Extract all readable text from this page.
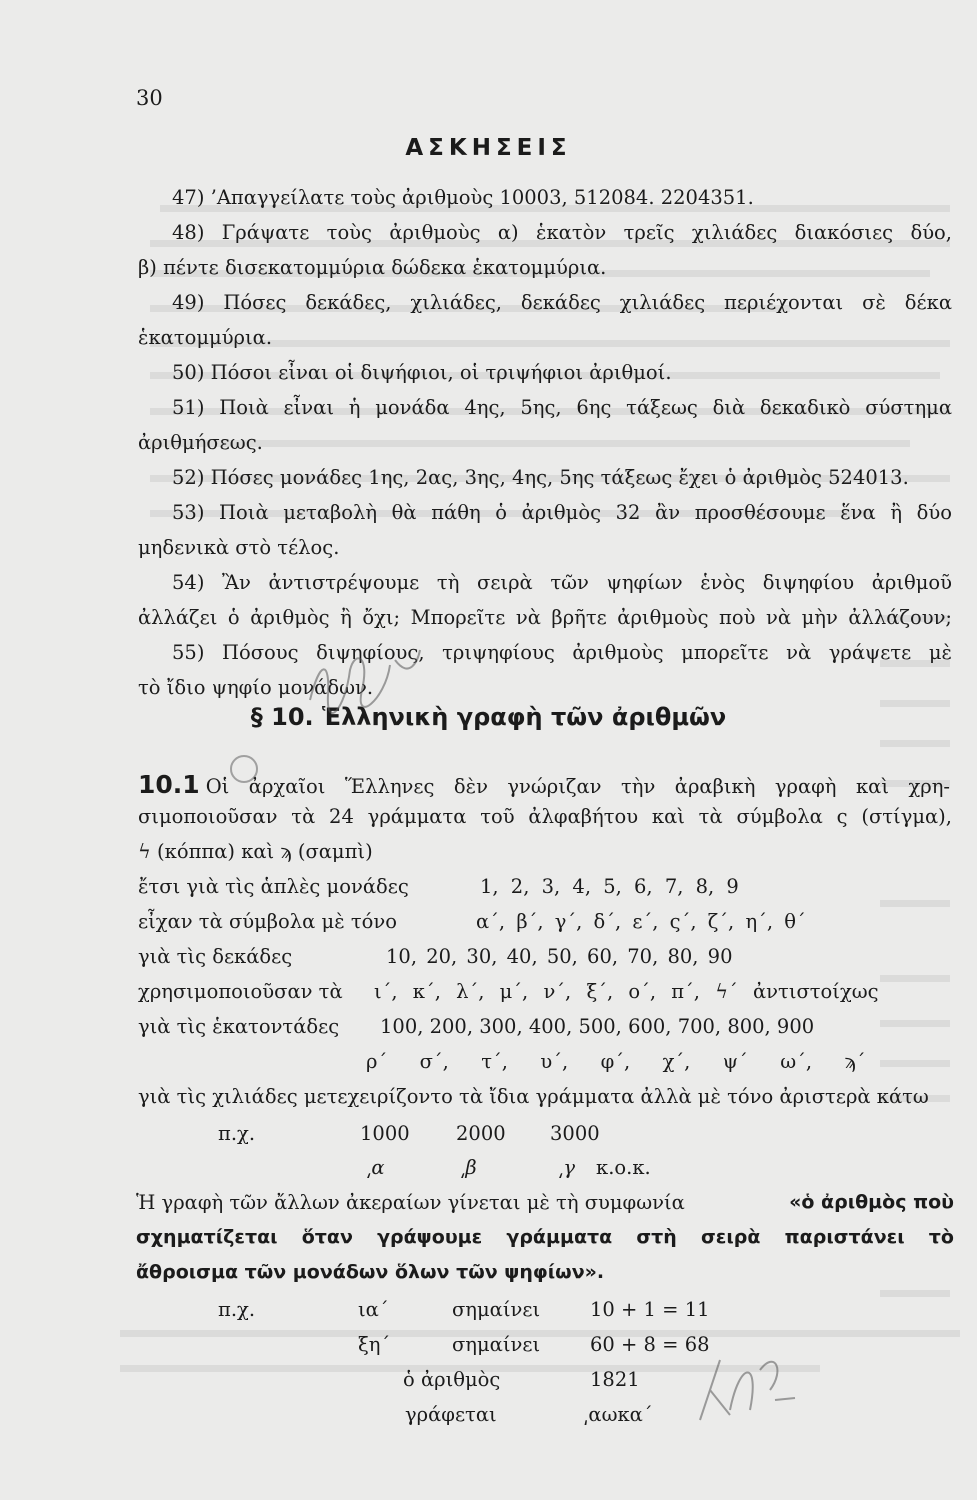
30
ΑΣΚΗΣΕΙΣ
47) ’Απαγγείλατε τοὺς ἀριθμοὺς 10003, 512084. 2204351.
48) Γράψατε τοὺς ἀριθμοὺς α) ἑκατὸν τρεῖς χιλιάδες διακόσιες δύο,
β) πέντε δισεκατομμύρια δώδεκα ἑκατομμύρια.
49) Πόσες δεκάδες, χιλιάδες, δεκάδες χιλιάδες περιέχονται σὲ δέκα
ἑκατομμύρια.
50) Πόσοι εἶναι οἱ διψήφιοι, οἱ τριψήφιοι ἀριθμοί.
51) Ποιὰ εἶναι ἡ μονάδα 4ης, 5ης, 6ης τάξεως διὰ δεκαδικὸ σύστημα
ἀριθμήσεως.
52) Πόσες μονάδες 1ης, 2ας, 3ης, 4ης, 5ης τάξεως ἔχει ὁ ἀριθμὸς 524013.
53) Ποιὰ μεταβολὴ θὰ πάθη ὁ ἀριθμὸς 32 ἂν προσθέσουμε ἕνα ἢ δύο
μηδενικὰ στὸ τέλος.
54) Ἂν ἀντιστρέψουμε τὴ σειρὰ τῶν ψηφίων ἑνὸς διψηφίου ἀριθμοῦ
ἀλλάζει ὁ ἀριθμὸς ἢ ὄχι; Μπορεῖτε νὰ βρῆτε ἀριθμοὺς ποὺ νὰ μὴν ἀλλάζουν;
55) Πόσους διψηφίους, τριψηφίους ἀριθμοὺς μπορεῖτε νὰ γράψετε μὲ
τὸ ἴδιο ψηφίο μονάδων.
§ 10. Ἑλληνικὴ γραφὴ τῶν ἀριθμῶν
10.1 Οἱ ἀρχαῖοι Ἕλληνες δὲν γνώριζαν τὴν ἀραβικὴ γραφὴ καὶ χρη-
σιμοποιοῦσαν τὰ 24 γράμματα τοῦ ἀλφαβήτου καὶ τὰ σύμβολα ς (στίγμα),
ϟ (κόππα) καὶ ϡ (σαμπὶ)
ἔτσι γιὰ τὶς ἁπλὲς μονάδες	1, 2, 3, 4, 5, 6, 7, 8, 9
εἶχαν τὰ σύμβολα μὲ τόνο	α΄, β΄, γ΄, δ΄, ε΄, ς΄, ζ΄, η΄, θ΄
γιὰ τὶς δεκάδες	10, 20, 30, 40, 50, 60, 70, 80, 90
χρησιμοποιοῦσαν τὰ ι΄, κ΄, λ΄, μ΄, ν΄, ξ΄, ο΄, π΄, ϟ΄ ἀντιστοίχως
γιὰ τὶς ἑκατοντάδες 100, 200, 300, 400, 500, 600, 700, 800, 900
ρ΄  σ΄,  τ΄,  υ΄,  φ΄,  χ΄,  ψ΄  ω΄,  ϡ΄
γιὰ τὶς χιλιάδες μετεχειρίζοντο τὰ ἴδια γράμματα ἀλλὰ μὲ τόνο ἀριστερὰ κάτω
π.χ.	1000 2000 3000
͵α	͵β	͵γ κ.ο.κ.
Ἡ γραφὴ τῶν ἄλλων ἀκεραίων γίνεται μὲ τὴ συμφωνία	«ὁ ἀριθμὸς ποὺ
σχηματίζεται ὅταν γράψουμε γράμματα στὴ σειρὰ παριστάνει τὸ
ἄθροισμα τῶν μονάδων ὅλων τῶν ψηφίων».
π.χ.	ια΄	σημαίνει	10 + 1 = 11
ξη΄	σημαίνει	60 + 8 = 68
ὁ ἀριθμὸς	1821
γράφεται	͵αωκα΄
